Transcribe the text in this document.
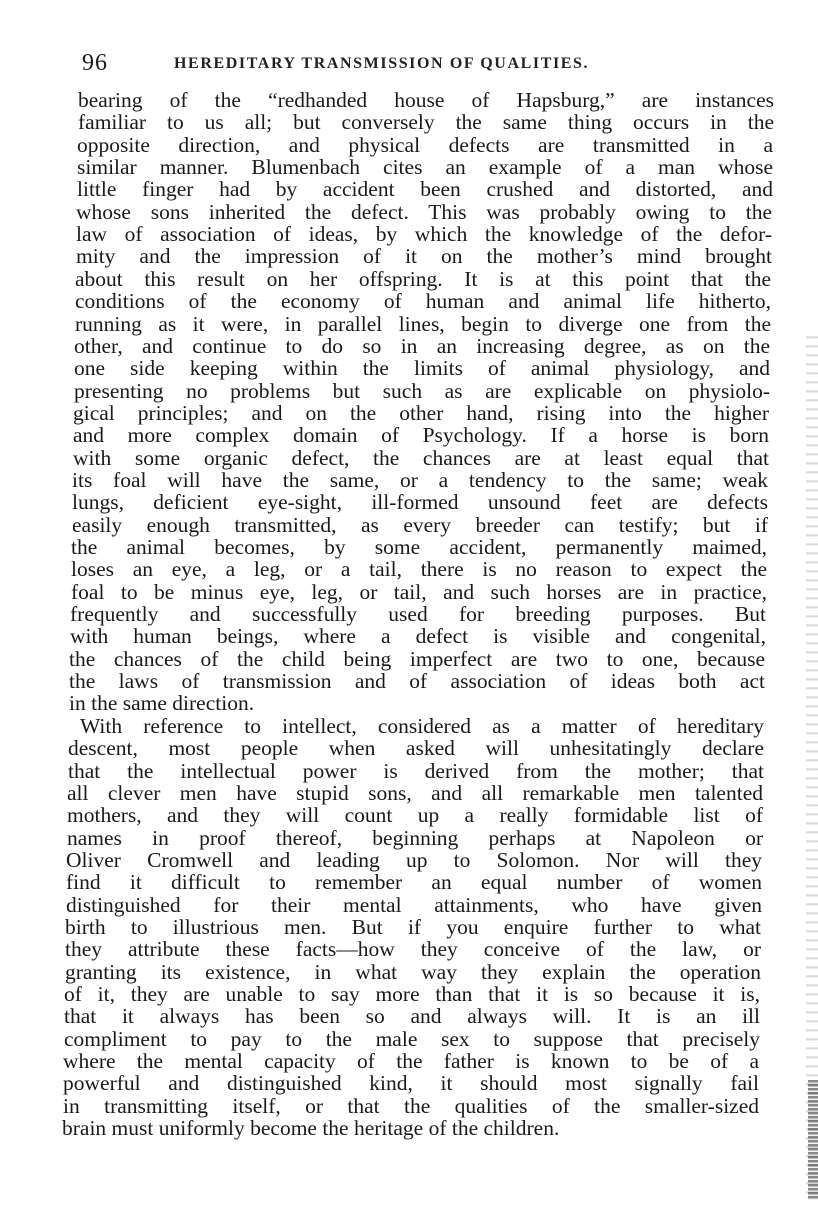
96	HEREDITARY TRANSMISSION OF QUALITIES.
bearing of the “redhanded house of Hapsburg,” are instances
familiar to us all; but conversely the same thing occurs in the
opposite direction, and physical defects are transmitted in a
similar manner. Blumenbach cites an example of a man whose
little finger had by accident been crushed and distorted, and
whose sons inherited the defect. This was probably owing to the
law of association of ideas, by which the knowledge of the defor-
mity and the impression of it on the mother’s mind brought
about this result on her offspring. It is at this point that the
conditions of the economy of human and animal life hitherto,
running as it were, in parallel lines, begin to diverge one from the
other, and continue to do so in an increasing degree, as on the
one side keeping within the limits of animal physiology, and
presenting no problems but such as are explicable on physiolo-
gical principles; and on the other hand, rising into the higher
and more complex domain of Psychology. If a horse is born
with some organic defect, the chances are at least equal that
its foal will have the same, or a tendency to the same; weak
lungs, deficient eye-sight, ill-formed unsound feet are defects
easily enough transmitted, as every breeder can testify; but if
the animal becomes, by some accident, permanently maimed,
loses an eye, a leg, or a tail, there is no reason to expect the
foal to be minus eye, leg, or tail, and such horses are in practice,
frequently and successfully used for breeding purposes. But
with human beings, where a defect is visible and congenital,
the chances of the child being imperfect are two to one, because
the laws of transmission and of association of ideas both act
in the same direction.
With reference to intellect, considered as a matter of hereditary
descent, most people when asked will unhesitatingly declare
that the intellectual power is derived from the mother; that
all clever men have stupid sons, and all remarkable men talented
mothers, and they will count up a really formidable list of
names in proof thereof, beginning perhaps at Napoleon or
Oliver Cromwell and leading up to Solomon. Nor will they
find it difficult to remember an equal number of women
distinguished for their mental attainments, who have given
birth to illustrious men. But if you enquire further to what
they attribute these facts—how they conceive of the law, or
granting its existence, in what way they explain the operation
of it, they are unable to say more than that it is so because it is,
that it always has been so and always will. It is an ill
compliment to pay to the male sex to suppose that precisely
where the mental capacity of the father is known to be of a
powerful and distinguished kind, it should most signally fail
in transmitting itself, or that the qualities of the smaller-sized
brain must uniformly become the heritage of the children.
